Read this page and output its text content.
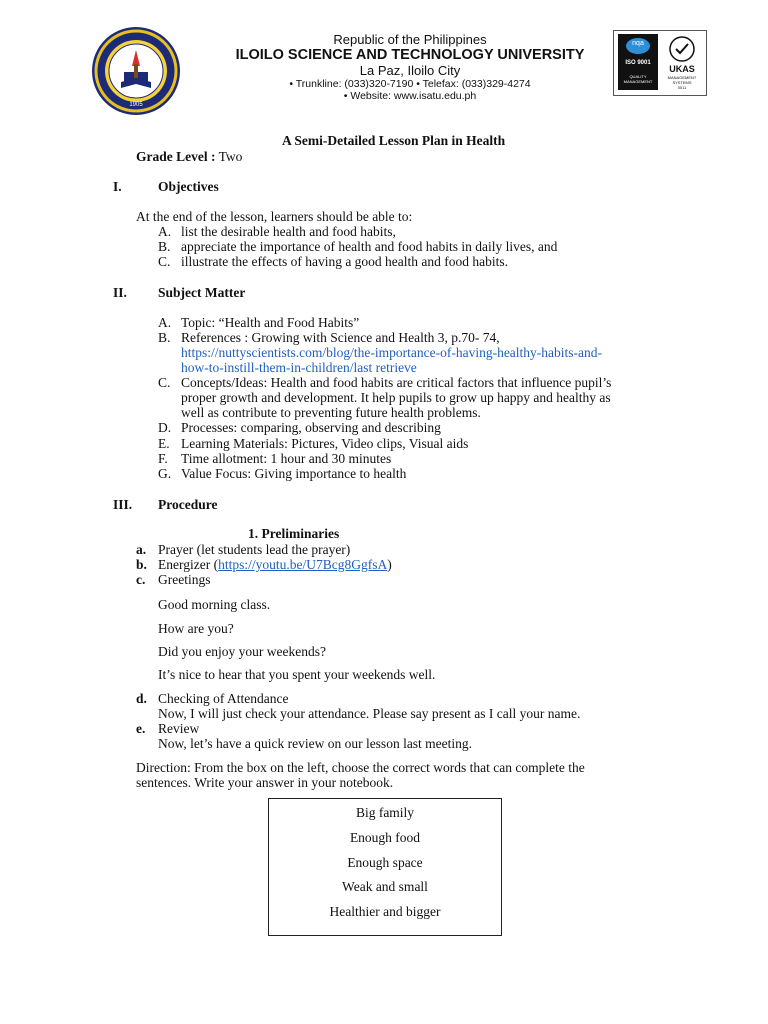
1905
Republic of the Philippines
ILOILO SCIENCE AND TECHNOLOGY UNIVERSITY
La Paz, Iloilo City
• Trunkline: (033)320-7190 • Telefax: (033)329-4274
• Website: www.isatu.edu.ph
nqa
ISO 9001
QUALITY
MANAGEMENT
UKAS
MANAGEMENT
SYSTEMS
0011
A Semi-Detailed Lesson Plan in Health
Grade Level : Two
I.	Objectives
At the end of the lesson, learners should be able to:
A. list the desirable health and food habits,
B. appreciate the importance of health and food habits in daily lives, and
C. illustrate the effects of having a good health and food habits.
II. Subject Matter
A. Topic: “Health and Food Habits”
B. References : Growing with Science and Health 3, p.70- 74,
https://nuttyscientists.com/blog/the-importance-of-having-healthy-habits-and-
how-to-instill-them-in-children/last retrieve
C. Concepts/Ideas: Health and food habits are critical factors that influence pupil’s
proper growth and development. It help pupils to grow up happy and healthy as
well as contribute to preventing future health problems.
D. Processes: comparing, observing and describing
E. Learning Materials: Pictures, Video clips, Visual aids
F. Time allotment: 1 hour and 30 minutes
G. Value Focus: Giving importance to health
III. Procedure
1. Preliminaries
a. Prayer (let students lead the prayer)
b. Energizer (https://youtu.be/U7Bcg8GgfsA)
c. Greetings
Good morning class.
How are you?
Did you enjoy your weekends?
It’s nice to hear that you spent your weekends well.
d. Checking of Attendance
Now, I will just check your attendance. Please say present as I call your name.
e. Review
Now, let’s have a quick review on our lesson last meeting.
Direction: From the box on the left, choose the correct words that can complete the
sentences. Write your answer in your notebook.
Big family
Enough food
Enough space
Weak and small
Healthier and bigger
